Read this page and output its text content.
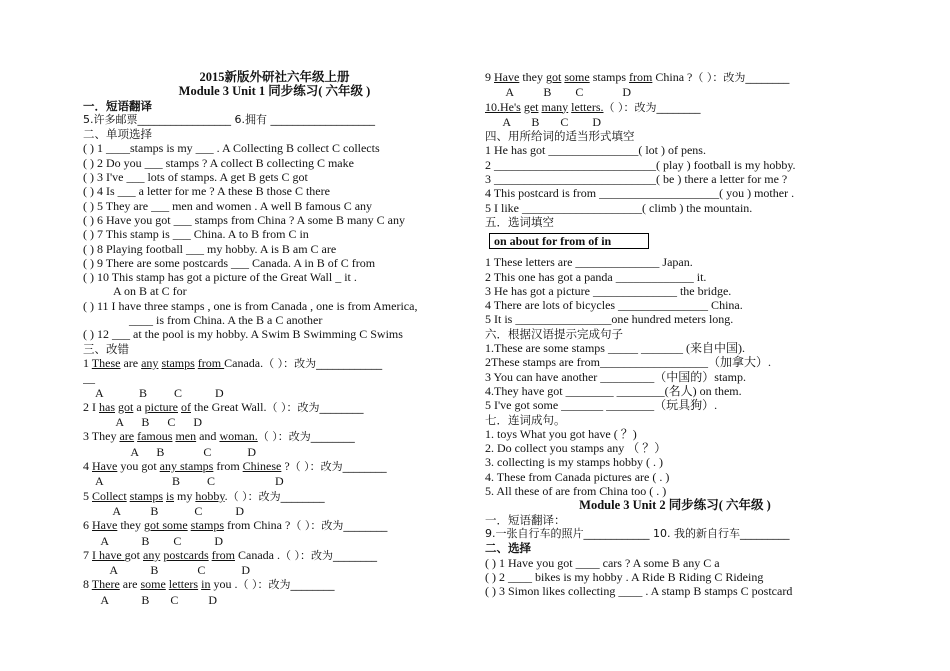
2015新版外研社六年级上册
Module 3 Unit 1 同步练习( 六年级 )
一．短语翻译
5.许多邮票_________________ 6.拥有 ___________________
二、单项选择
( ) 1 ____stamps is my ___ . A Collecting B collect C collects
( ) 2 Do you ___ stamps ? A collect B collecting C make
( ) 3 I've ___ lots of stamps. A get B gets C got
( ) 4 Is ___ a letter for me ? A these B those C there
( ) 5 They are ___ men and women . A well B famous C any
( ) 6 Have you got ___ stamps from China ? A some B many C any
( ) 7 This stamp is ___ China. A to B from C in
( ) 8 Playing football ___ my hobby. A is B am C are
( ) 9 There are some postcards ___ Canada. A in B of C from
( ) 10 This stamp has got a picture of the Great Wall _ it .
A on B at C for
( ) 11 I have three stamps , one is from Canada , one is from America,
____ is from China. A the B a C another
( ) 12 ___ at the pool is my hobby. A Swim B Swimming C Swims
三、改错
1 These are any stamps from Canada.（ ）：改为____________
__
A            B         C           D
2 I has got a picture of the Great Wall.（ ）：改为________
A      B      C      D
3 They are famous men and woman.（ ）：改为________
A      B             C            D
4 Have you got any stamps from Chinese ?（ ）：改为________
A                       B         C                    D
5 Collect stamps is my hobby.（ ）：改为________
A          B            C           D
6 Have they got some stamps from China ?（ ）：改为________
A           B        C           D
7 I have got any postcards from Canada .（ ）：改为________
A           B             C            D
8 There are some letters in you .（ ）：改为________
A           B       C          D
9 Have they got some stamps from China ?（ ）：改为________
A          B        C             D
10.He's get many letters.（ ）：改为________
A       B       C        D
四、用所给词的适当形式填空
1 He has got _______________( lot ) of pens.
2 ___________________________( play ) football is my hobby.
3 ___________________________( be ) there a letter for me ?
4 This postcard is from ____________________( you ) mother .
5 I like ____________________( climb ) the mountain.
五．选词填空
on about for from of in
1 These letters are ______________ Japan.
2 This one has got a panda _____________ it.
3 He has got a picture ______________ the bridge.
4 There are lots of bicycles _______________ China.
5 It is ________________one hundred meters long.
六．根据汉语提示完成句子
1.These are some stamps _____ _______ (来自中国).
2These stamps are from__________________（加拿大）.
3 You can have another _________（中国的）stamp.
4.They have got ________ ________(名人) on them.
5 I've got some _______ ________（玩具狗）.
七．连词成句。
1. toys What you got have ( ？)
2. Do collect you stamps any （ ？）
3. collecting is my stamps hobby ( . )
4. These from Canada pictures are ( . )
5. All these of are from China too ( . )
Module 3 Unit 2 同步练习( 六年级 )
一．短语翻译：
9.一张自行车的照片____________ 10. 我的新自行车_________
二、选择
( ) 1 Have you got ____ cars ? A some B any C a
( ) 2 ____ bikes is my hobby . A Ride B Riding C Rideing
( ) 3 Simon likes collecting ____ . A stamp B stamps C postcard
